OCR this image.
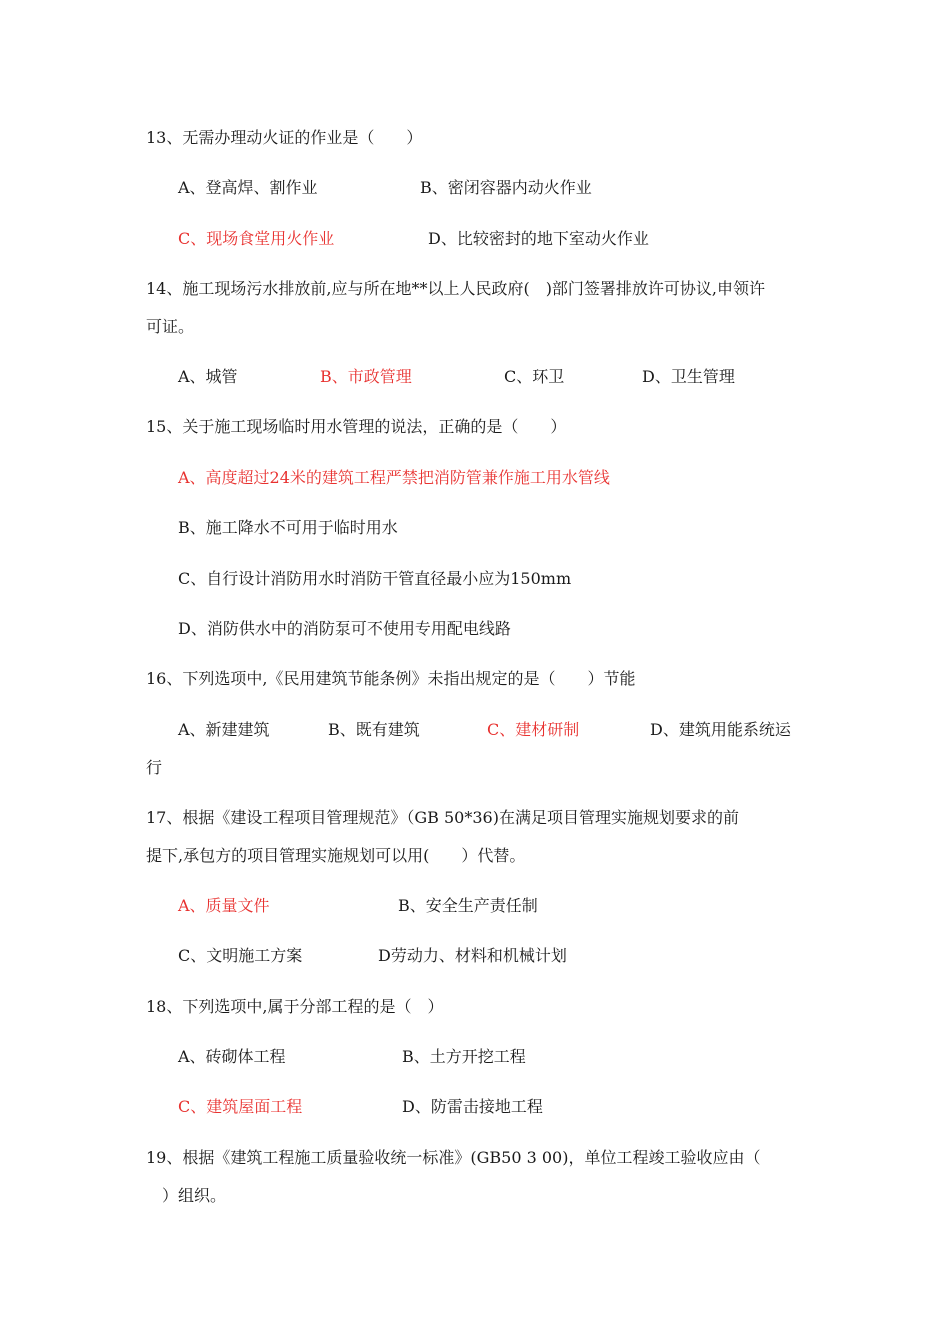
13、无需办理动火证的作业是（　　）
A、登高焊、割作业	B、密闭容器内动火作业
C、现场食堂用火作业	D、比较密封的地下室动火作业
14、施工现场污水排放前,应与所在地**以上人民政府(　)部门签署排放许可协议,申领许
可证。
A、城管	B、市政管理	C、环卫	D、卫生管理
15、关于施工现场临时用水管理的说法，正确的是（　　）
A、高度超过24米的建筑工程严禁把消防管兼作施工用水管线
B、施工降水不可用于临时用水
C、自行设计消防用水时消防干管直径最小应为150mm
D、消防供水中的消防泵可不使用专用配电线路
16、下列选项中,《民用建筑节能条例》未指出规定的是（　　）节能
A、新建建筑	B、既有建筑	C、建材研制	D、建筑用能系统运
行
17、根据《建设工程项目管理规范》（GB 50*36)在满足项目管理实施规划要求的前
提下,承包方的项目管理实施规划可以用(　　）代替。
A、质量文件	B、安全生产责任制
C、文明施工方案	D劳动力、材料和机械计划
18、下列选项中,属于分部工程的是（　）
A、砖砌体工程	B、土方开挖工程
C、建筑屋面工程	D、防雷击接地工程
19、根据《建筑工程施工质量验收统一标准》(GB50 3 00)，单位工程竣工验收应由（
　）组织。
